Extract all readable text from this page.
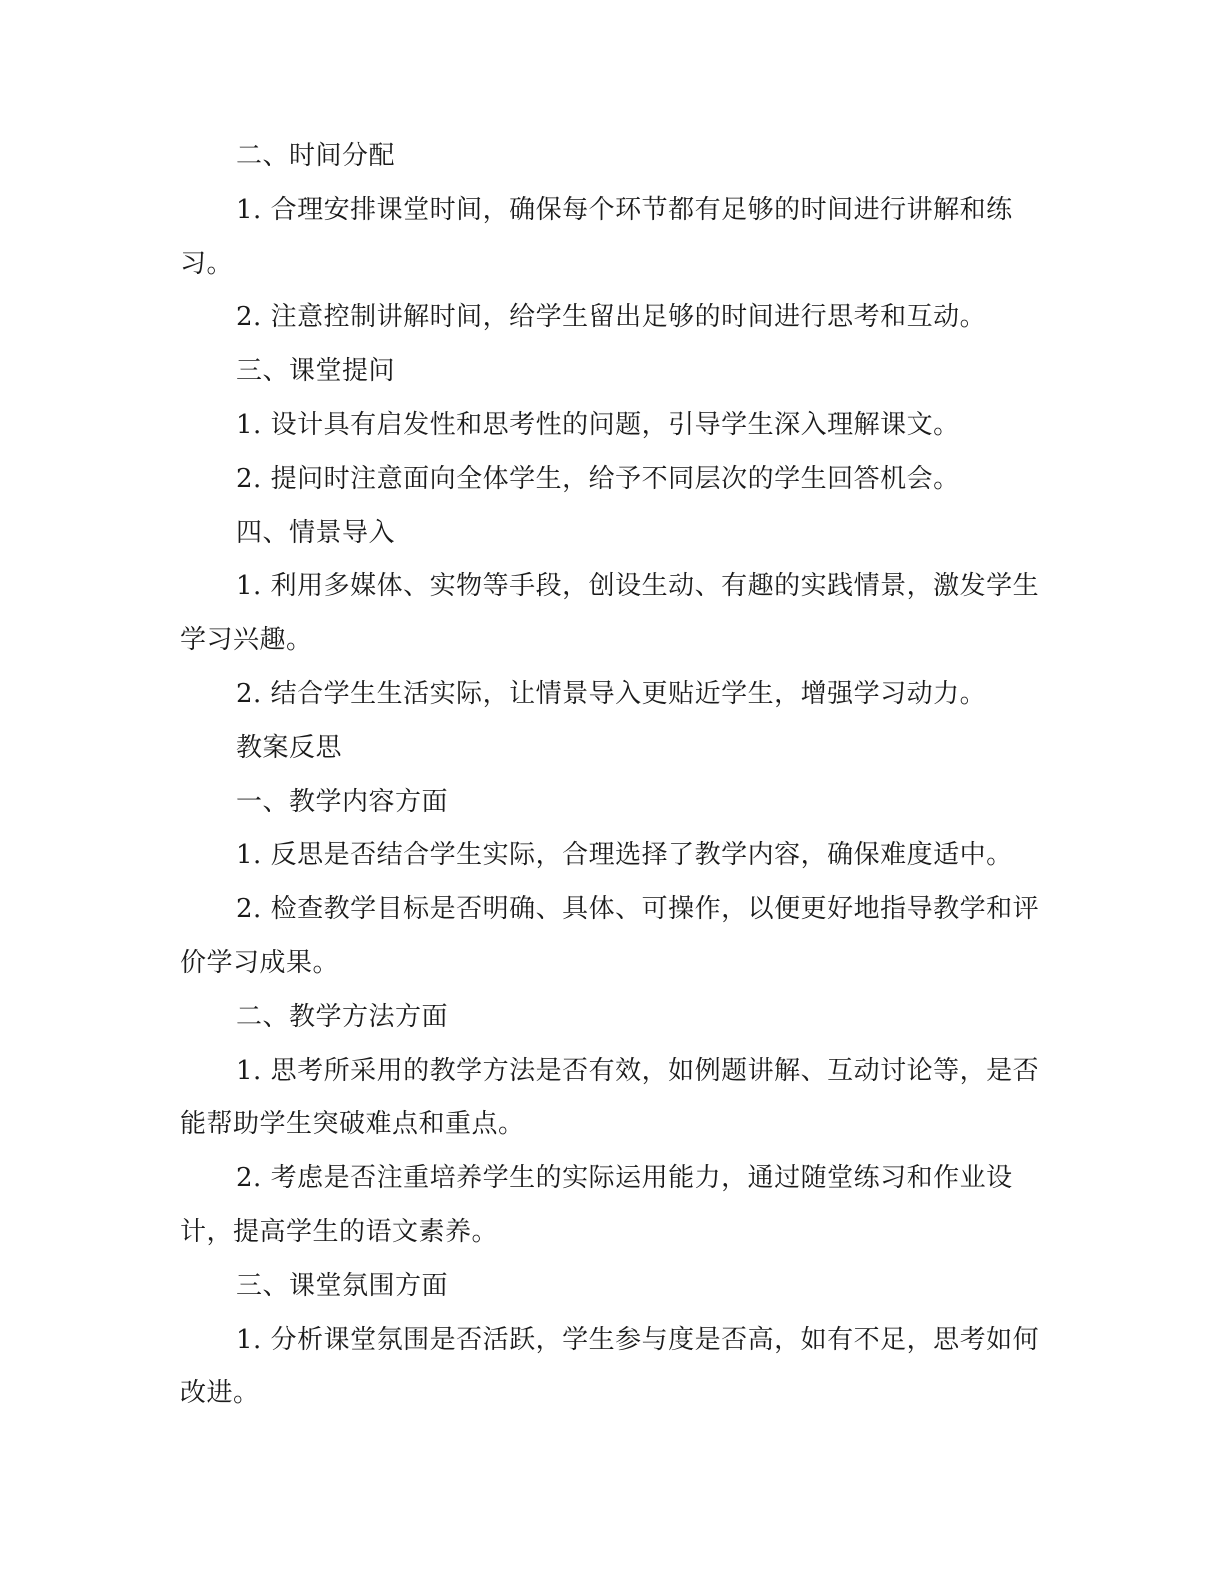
二、时间分配

1. 合理安排课堂时间，确保每个环节都有足够的时间进行讲解和练习。

2. 注意控制讲解时间，给学生留出足够的时间进行思考和互动。

三、课堂提问

1. 设计具有启发性和思考性的问题，引导学生深入理解课文。

2. 提问时注意面向全体学生，给予不同层次的学生回答机会。

四、情景导入

1. 利用多媒体、实物等手段，创设生动、有趣的实践情景，激发学生学习兴趣。

2. 结合学生生活实际，让情景导入更贴近学生，增强学习动力。

教案反思

一、教学内容方面

1. 反思是否结合学生实际，合理选择了教学内容，确保难度适中。

2. 检查教学目标是否明确、具体、可操作，以便更好地指导教学和评价学习成果。

二、教学方法方面

1. 思考所采用的教学方法是否有效，如例题讲解、互动讨论等，是否能帮助学生突破难点和重点。

2. 考虑是否注重培养学生的实际运用能力，通过随堂练习和作业设计，提高学生的语文素养。

三、课堂氛围方面

1. 分析课堂氛围是否活跃，学生参与度是否高，如有不足，思考如何改进。
